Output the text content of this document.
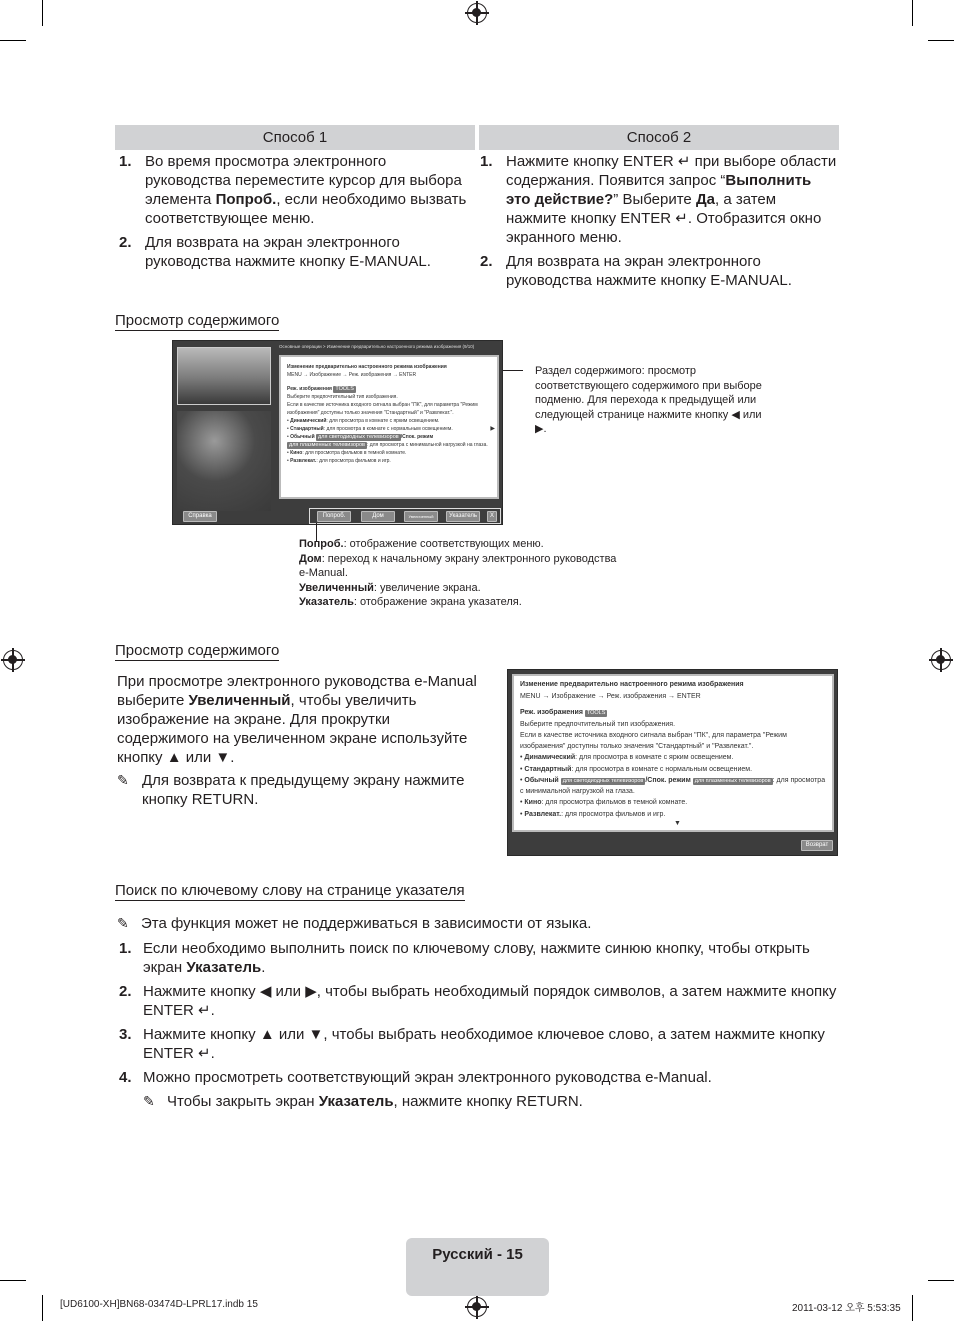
Способ 1	Способ 2
1. Во время просмотра электронного руководства переместите курсор для выбора элемента Попроб., если необходимо вызвать соответствующее меню.
2. Для возврата на экран электронного руководства нажмите кнопку E-MANUAL.
1. Нажмите кнопку ENTER ↵ при выборе области содержания. Появится запрос “Выполнить это действие?” Выберите Да, а затем нажмите кнопку ENTER ↵. Отобразится окно экранного меню.
2. Для возврата на экран электронного руководства нажмите кнопку E-MANUAL.
Просмотр содержимого
Основные операции > Изменение предварительно настроенного режима изображения (9/10)
Изменение предварительно настроенного режима изображения
MENU → Изображение → Реж. изображения → ENTER
Реж. изображения TOOLS
Выберите предпочтительный тип изображения.
Если в качестве источника входного сигнала выбран "ПК", для параметра "Режим изображения" доступны только значения "Стандартный" и "Развлекат.".
• Динамический: для просмотра в комнате с ярким освещением.
• Стандартный: для просмотра в комнате с нормальным освещением.
• Обычный для светодиодных телевизоров /Спок. режим для плазменных телевизоров : для просмотра с минимальной нагрузкой на глаза.
• Кино: для просмотра фильмов в темной комнате.
• Развлекат.: для просмотра фильмов и игр.
▶
Справка	Попроб.	Дом	Увеличенный	Указатель	X
Раздел содержимого: просмотр соответствующего содержимого при выборе подменю. Для перехода к предыдущей или следующей странице нажмите кнопку ◀ или ▶.
Попроб.: отображение соответствующих меню.
Дом: переход к начальному экрану электронного руководства e-Manual.
Увеличенный: увеличение экрана.
Указатель: отображение экрана указателя.
Просмотр содержимого
При просмотре электронного руководства e-Manual выберите Увеличенный, чтобы увеличить изображение на экране. Для прокрутки содержимого на увеличенном экране используйте кнопку ▲ или ▼.
✎ Для возврата к предыдущему экрану нажмите кнопку RETURN.
Изменение предварительно настроенного режима изображения
MENU → Изображение → Реж. изображения → ENTER
Реж. изображения TOOLS
Выберите предпочтительный тип изображения.
Если в качестве источника входного сигнала выбран "ПК", для параметра "Режим изображения" доступны только значения "Стандартный" и "Развлекат.".
• Динамический: для просмотра в комнате с ярким освещением.
• Стандартный: для просмотра в комнате с нормальным освещением.
• Обычный для светодиодных телевизоров /Спок. режим для плазменных телевизоров : для просмотра с минимальной нагрузкой на глаза.
• Кино: для просмотра фильмов в темной комнате.
• Развлекат.: для просмотра фильмов и игр.
▼
Возврат
Поиск по ключевому слову на странице указателя
✎ Эта функция может не поддерживаться в зависимости от языка.
1. Если необходимо выполнить поиск по ключевому слову, нажмите синюю кнопку, чтобы открыть экран Указатель.
2. Нажмите кнопку ◀ или ▶, чтобы выбрать необходимый порядок символов, а затем нажмите кнопку ENTER ↵.
3. Нажмите кнопку ▲ или ▼, чтобы выбрать необходимое ключевое слово, а затем нажмите кнопку ENTER ↵.
4. Можно просмотреть соответствующий экран электронного руководства e-Manual.
✎ Чтобы закрыть экран Указатель, нажмите кнопку RETURN.
Русский - 15
[UD6100-XH]BN68-03474D-LPRL17.indb 15	2011-03-12 오후 5:53:35
